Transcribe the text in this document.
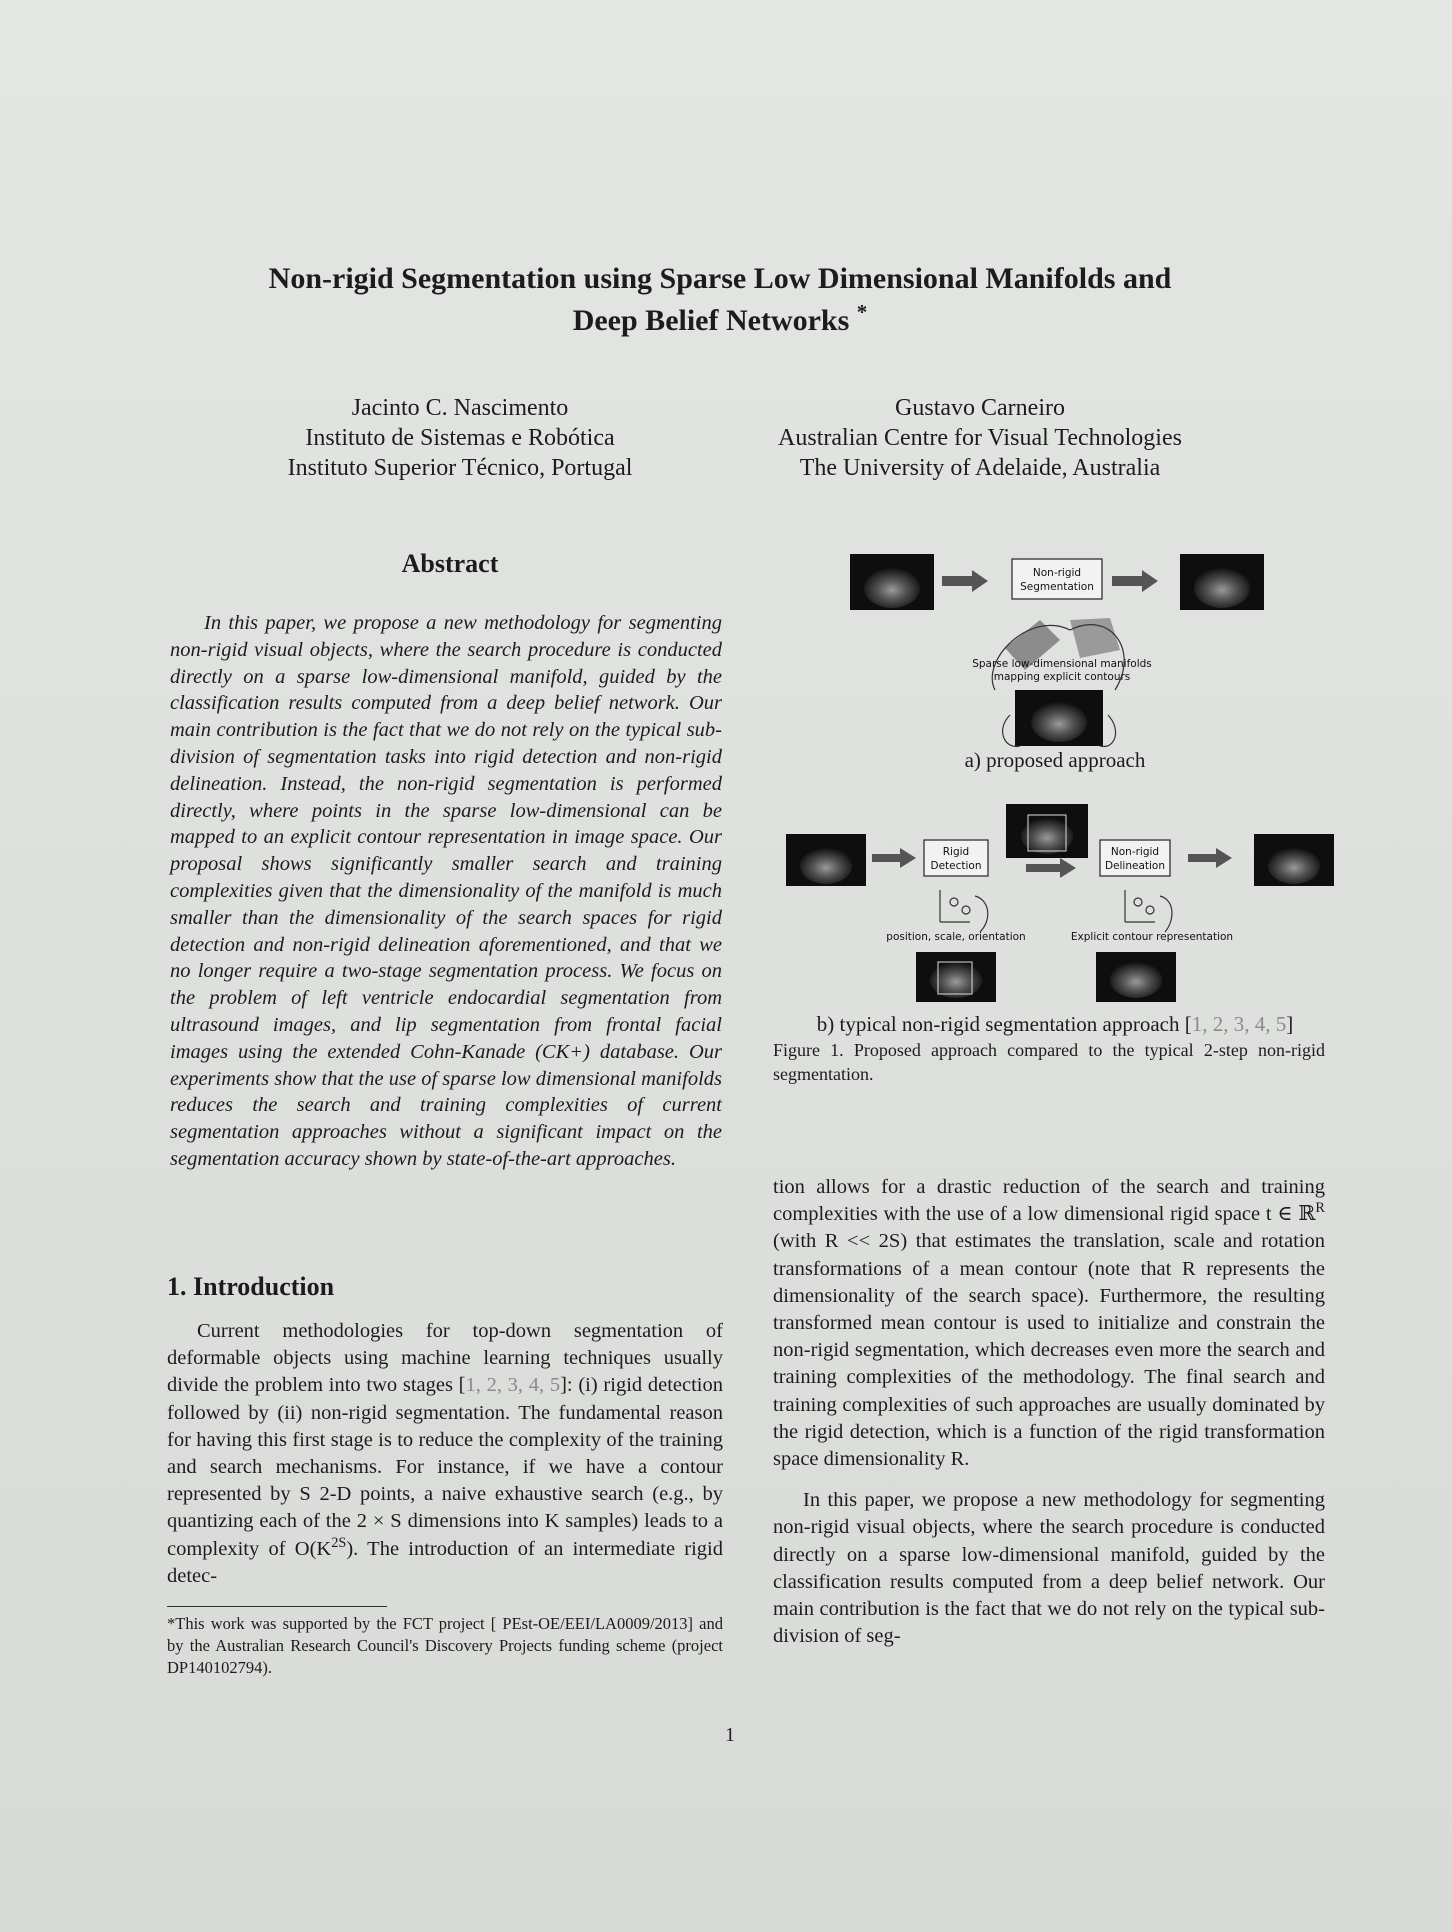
Non-rigid Segmentation using Sparse Low Dimensional Manifolds and
Deep Belief Networks *
Jacinto C. Nascimento
Instituto de Sistemas e Robótica
Instituto Superior Técnico, Portugal
Gustavo Carneiro
Australian Centre for Visual Technologies
The University of Adelaide, Australia
Abstract

In this paper, we propose a new methodology for segmenting non-rigid visual objects, where the search procedure is conducted directly on a sparse low-dimensional manifold, guided by the classification results computed from a deep belief network. Our main contribution is the fact that we do not rely on the typical sub-division of segmentation tasks into rigid detection and non-rigid delineation. Instead, the non-rigid segmentation is performed directly, where points in the sparse low-dimensional can be mapped to an explicit contour representation in image space. Our proposal shows significantly smaller search and training complexities given that the dimensionality of the manifold is much smaller than the dimensionality of the search spaces for rigid detection and non-rigid delineation aforementioned, and that we no longer require a two-stage segmentation process. We focus on the problem of left ventricle endocardial segmentation from ultrasound images, and lip segmentation from frontal facial images using the extended Cohn-Kanade (CK+) database. Our experiments show that the use of sparse low dimensional manifolds reduces the search and training complexities of current segmentation approaches without a significant impact on the segmentation accuracy shown by state-of-the-art approaches.

1. Introduction

Current methodologies for top-down segmentation of deformable objects using machine learning techniques usually divide the problem into two stages [1, 2, 3, 4, 5]: (i) rigid detection followed by (ii) non-rigid segmentation. The fundamental reason for having this first stage is to reduce the complexity of the training and search mechanisms. For instance, if we have a contour represented by S 2-D points, a naive exhaustive search (e.g., by quantizing each of the 2 × S dimensions into K samples) leads to a complexity of $O(K^{2S})$. The introduction of an intermediate rigid detec-

*This work was supported by the FCT project [ PEst-OE/EEI/LA0009/2013] and by the Australian Research Council's Discovery Projects funding scheme (project DP140102794).
Non-rigid
Segmentation
Sparse low-dimensional manifolds
mapping explicit contours
Rigid
Detection
Non-rigid
Delineation
position, scale, orientation	Explicit contour representation
a) proposed approach
b) typical non-rigid segmentation approach [1, 2, 3, 4, 5]
Figure 1. Proposed approach compared to the typical 2-step non-rigid segmentation.

tion allows for a drastic reduction of the search and training complexities with the use of a low dimensional rigid space t ∈ ℝ$^R$ (with R << 2S) that estimates the translation, scale and rotation transformations of a mean contour (note that R represents the dimensionality of the search space). Furthermore, the resulting transformed mean contour is used to initialize and constrain the non-rigid segmentation, which decreases even more the search and training complexities of the methodology. The final search and training complexities of such approaches are usually dominated by the rigid detection, which is a function of the rigid transformation space dimensionality R.

In this paper, we propose a new methodology for segmenting non-rigid visual objects, where the search procedure is conducted directly on a sparse low-dimensional manifold, guided by the classification results computed from a deep belief network. Our main contribution is the fact that we do not rely on the typical sub-division of seg-

1
